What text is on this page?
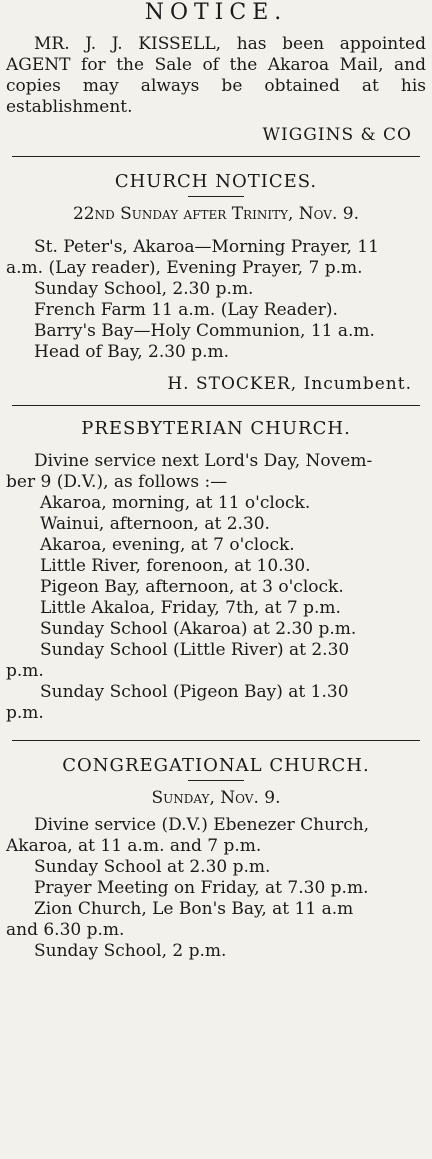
NOTICE.

MR. J. J. KISSELL, has been appointed AGENT for the Sale of the Akaroa Mail, and copies may always be obtained at his establishment.

WIGGINS & CO

CHURCH NOTICES.

22nd Sunday after Trinity, Nov. 9.

St. Peter's, Akaroa—Morning Prayer, 11

a.m. (Lay reader), Evening Prayer, 7 p.m.

Sunday School, 2.30 p.m.

French Farm 11 a.m. (Lay Reader).

Barry's Bay—Holy Communion, 11 a.m.

Head of Bay, 2.30 p.m.

H. STOCKER, Incumbent.

PRESBYTERIAN CHURCH.

Divine service next Lord's Day, Novem-

ber 9 (D.V.), as follows :—

Akaroa, morning, at 11 o'clock.

Wainui, afternoon, at 2.30.

Akaroa, evening, at 7 o'clock.

Little River, forenoon, at 10.30.

Pigeon Bay, afternoon, at 3 o'clock.

Little Akaloa, Friday, 7th, at 7 p.m.

Sunday School (Akaroa) at 2.30 p.m.

Sunday School (Little River) at 2.30

p.m.

Sunday School (Pigeon Bay) at 1.30

p.m.

CONGREGATIONAL CHURCH.

Sunday, Nov. 9.

Divine service (D.V.) Ebenezer Church,

Akaroa, at 11 a.m. and 7 p.m.

Sunday School at 2.30 p.m.

Prayer Meeting on Friday, at 7.30 p.m.

Zion Church, Le Bon's Bay, at 11 a.m

and 6.30 p.m.

Sunday School, 2 p.m.
